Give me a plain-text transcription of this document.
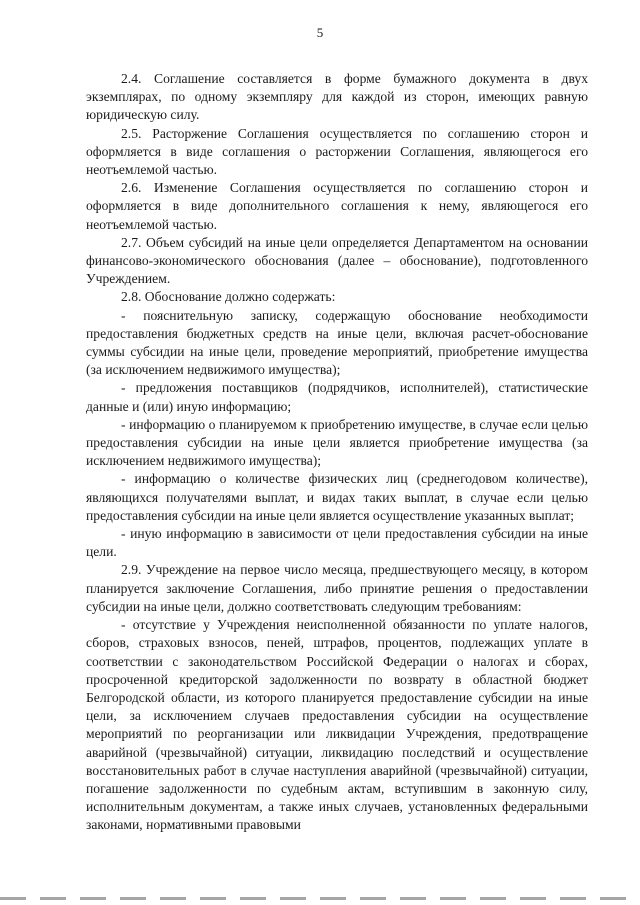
5

2.4. Соглашение составляется в форме бумажного документа в двух экземплярах, по одному экземпляру для каждой из сторон, имеющих равную юридическую силу.

2.5. Расторжение Соглашения осуществляется по соглашению сторон и оформляется в виде соглашения о расторжении Соглашения, являющегося его неотъемлемой частью.

2.6. Изменение Соглашения осуществляется по соглашению сторон и оформляется в виде дополнительного соглашения к нему, являющегося его неотъемлемой частью.

2.7. Объем субсидий на иные цели определяется Департаментом на основании финансово-экономического обоснования (далее – обоснование), подготовленного Учреждением.

2.8. Обоснование должно содержать:

- пояснительную записку, содержащую обоснование необходимости предоставления бюджетных средств на иные цели, включая расчет-обоснование суммы субсидии на иные цели, проведение мероприятий, приобретение имущества (за исключением недвижимого имущества);

- предложения поставщиков (подрядчиков, исполнителей), статистические данные и (или) иную информацию;

- информацию о планируемом к приобретению имуществе, в случае если целью предоставления субсидии на иные цели является приобретение имущества (за исключением недвижимого имущества);

- информацию о количестве физических лиц (среднегодовом количестве), являющихся получателями выплат, и видах таких выплат, в случае если целью предоставления субсидии на иные цели является осуществление указанных выплат;

- иную информацию в зависимости от цели предоставления субсидии на иные цели.

2.9. Учреждение на первое число месяца, предшествующего месяцу, в котором планируется заключение Соглашения, либо принятие решения о предоставлении субсидии на иные цели, должно соответствовать следующим требованиям:

- отсутствие у Учреждения неисполненной обязанности по уплате налогов, сборов, страховых взносов, пеней, штрафов, процентов, подлежащих уплате в соответствии с законодательством Российской Федерации о налогах и сборах, просроченной кредиторской задолженности по возврату в областной бюджет Белгородской области, из которого планируется предоставление субсидии на иные цели, за исключением случаев предоставления субсидии на осуществление мероприятий по реорганизации или ликвидации Учреждения, предотвращение аварийной (чрезвычайной) ситуации, ликвидацию последствий и осуществление восстановительных работ в случае наступления аварийной (чрезвычайной) ситуации, погашение задолженности по судебным актам, вступившим в законную силу, исполнительным документам, а также иных случаев, установленных федеральными законами, нормативными правовыми
